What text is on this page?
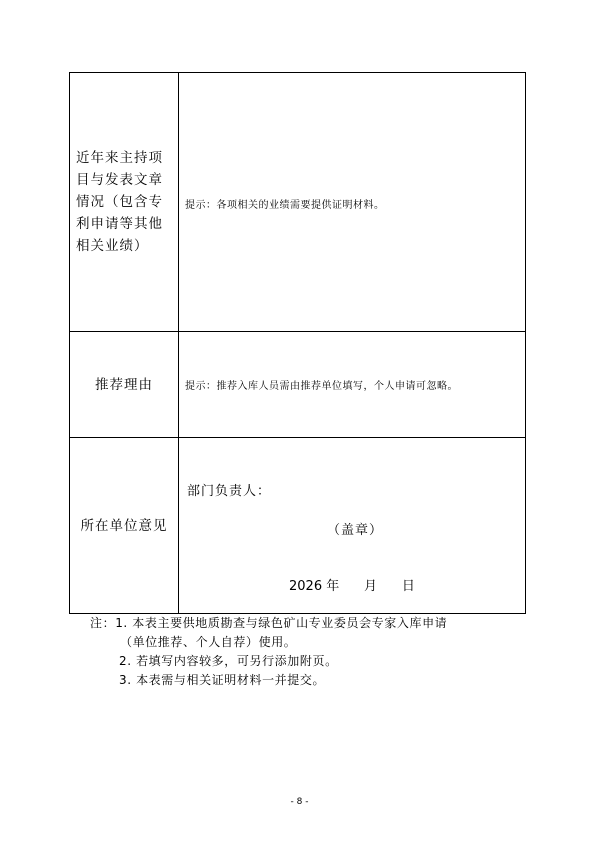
近年来主持项
目与发表文章
情况（包含专
利申请等其他
相关业绩）	提示：各项相关的业绩需要提供证明材料。

推荐理由	提示：推荐入库人员需由推荐单位填写，个人申请可忽略。

所在单位意见	部门负责人：
（盖章）
2026 年 月 日
注：1. 本表主要供地质勘查与绿色矿山专业委员会专家入库申请
（单位推荐、个人自荐）使用。
2. 若填写内容较多，可另行添加附页。
3. 本表需与相关证明材料一并提交。
- 8 -
